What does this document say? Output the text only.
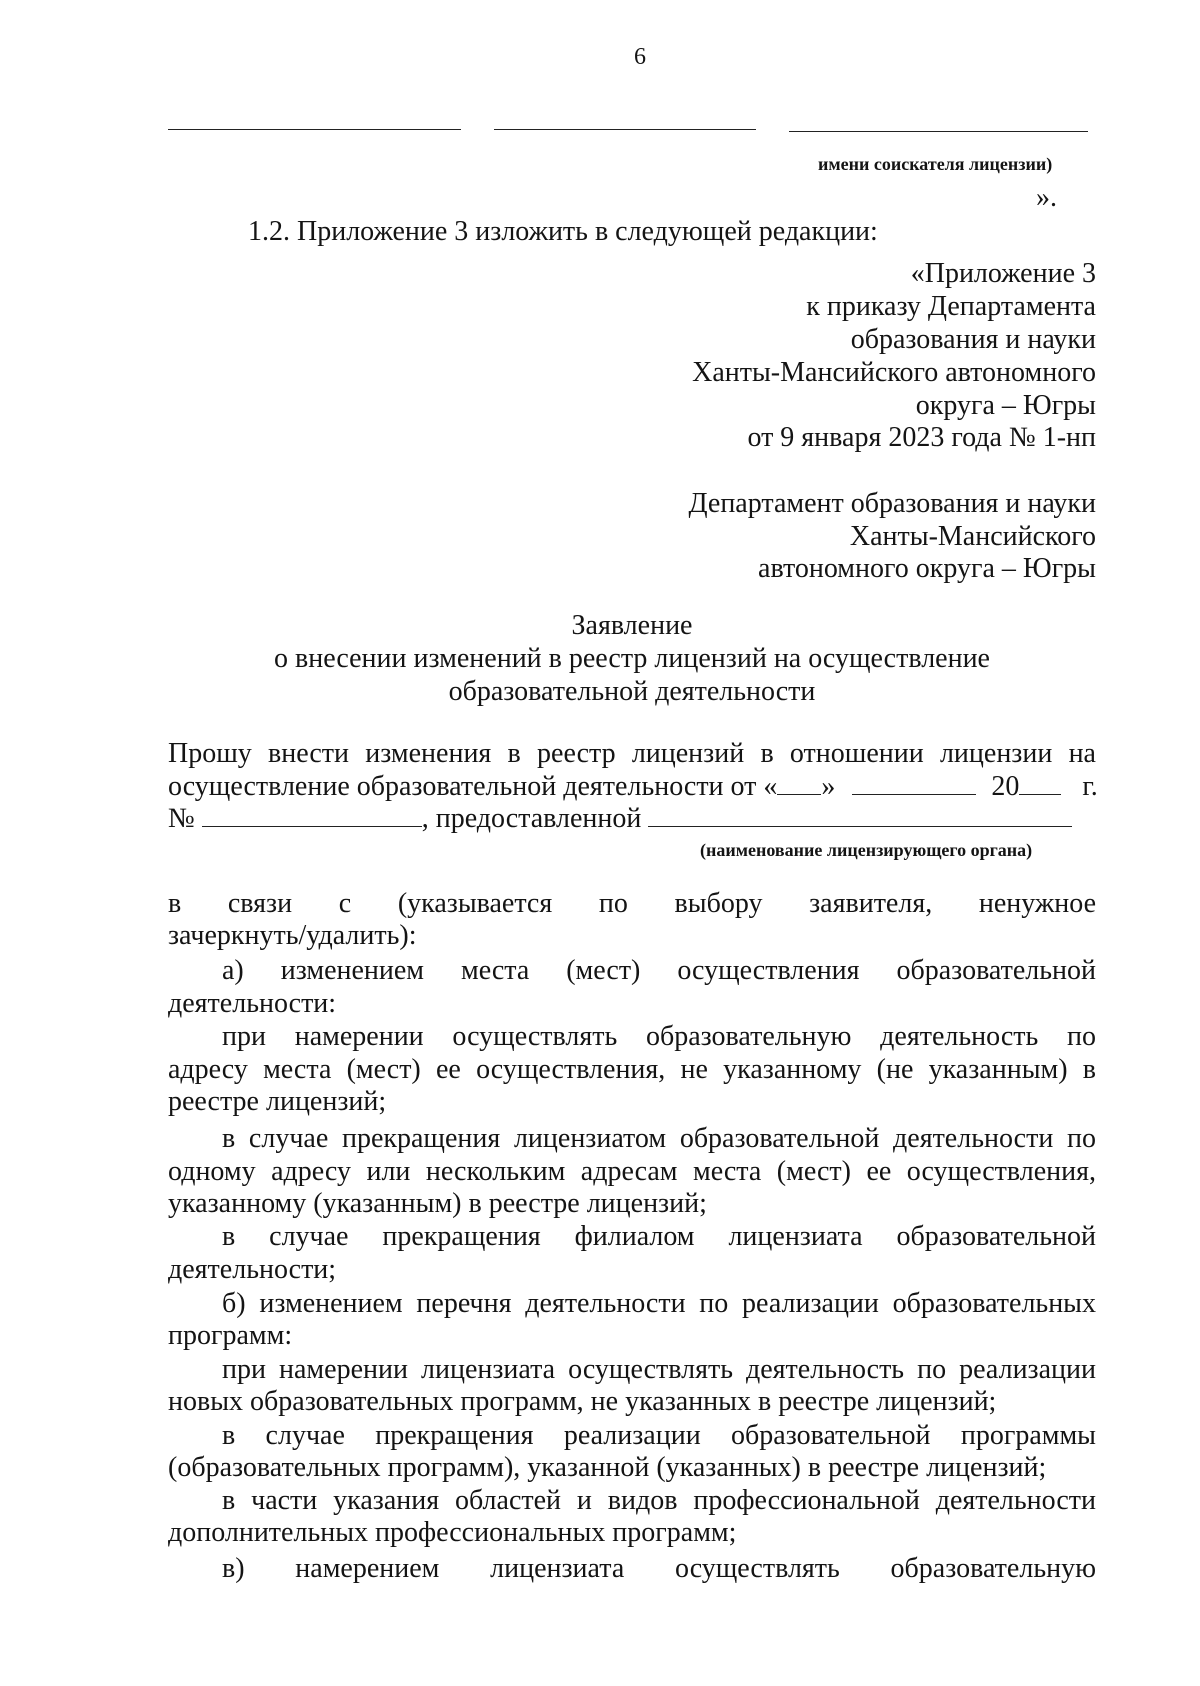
6
имени соискателя лицензии)
».
1.2. Приложение 3 изложить в следующей редакции:
«Приложение 3
к приказу Департамента
образования и науки
Ханты-Мансийского автономного
округа – Югры
от 9 января 2023 года № 1-нп
Департамент образования и науки
Ханты-Мансийского
автономного округа – Югры
Заявление
о внесении изменений в реестр лицензий на осуществление
образовательной деятельности
Прошу внести изменения в реестр лицензий в отношении лицензии на
осуществление образовательной деятельности от « »	20 г.
№	, предоставленной
(наименование лицензирующего органа)
в связи с (указывается по выбору заявителя, ненужное
зачеркнуть/удалить):
а) изменением места (мест) осуществления образовательной
деятельности:
при намерении осуществлять образовательную деятельность по
адресу места (мест) ее осуществления, не указанному (не указанным) в
реестре лицензий;
в случае прекращения лицензиатом образовательной деятельности по
одному адресу или нескольким адресам места (мест) ее осуществления,
указанному (указанным) в реестре лицензий;
в случае прекращения филиалом лицензиата образовательной
деятельности;
б) изменением перечня деятельности по реализации образовательных
программ:
при намерении лицензиата осуществлять деятельность по реализации
новых образовательных программ, не указанных в реестре лицензий;
в случае прекращения реализации образовательной программы
(образовательных программ), указанной (указанных) в реестре лицензий;
в части указания областей и видов профессиональной деятельности
дополнительных профессиональных программ;
в) намерением лицензиата осуществлять образовательную
